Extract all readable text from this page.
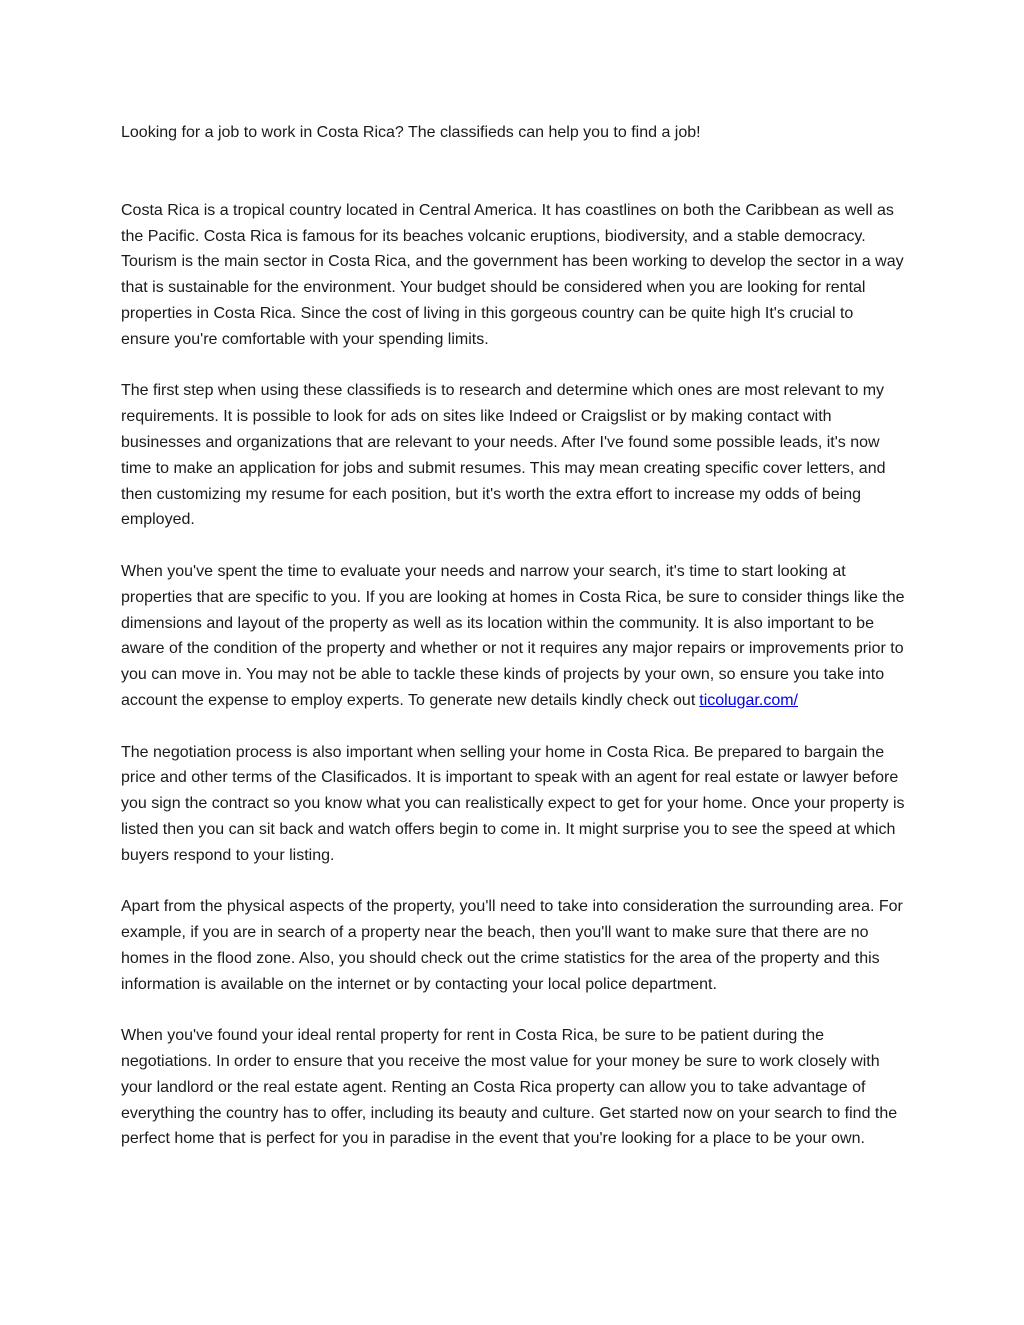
Looking for a job to work in Costa Rica? The classifieds can help you to find a job!

Costa Rica is a tropical country located in Central America. It has coastlines on both the Caribbean as well as the Pacific. Costa Rica is famous for its beaches volcanic eruptions, biodiversity, and a stable democracy. Tourism is the main sector in Costa Rica, and the government has been working to develop the sector in a way that is sustainable for the environment. Your budget should be considered when you are looking for rental properties in Costa Rica. Since the cost of living in this gorgeous country can be quite high It's crucial to ensure you're comfortable with your spending limits.

The first step when using these classifieds is to research and determine which ones are most relevant to my requirements. It is possible to look for ads on sites like Indeed or Craigslist or by making contact with businesses and organizations that are relevant to your needs. After I've found some possible leads, it's now time to make an application for jobs and submit resumes. This may mean creating specific cover letters, and then customizing my resume for each position, but it's worth the extra effort to increase my odds of being employed.

When you've spent the time to evaluate your needs and narrow your search, it's time to start looking at properties that are specific to you. If you are looking at homes in Costa Rica, be sure to consider things like the dimensions and layout of the property as well as its location within the community. It is also important to be aware of the condition of the property and whether or not it requires any major repairs or improvements prior to you can move in. You may not be able to tackle these kinds of projects by your own, so ensure you take into account the expense to employ experts. To generate new details kindly check out ticolugar.com/

The negotiation process is also important when selling your home in Costa Rica. Be prepared to bargain the price and other terms of the Clasificados. It is important to speak with an agent for real estate or lawyer before you sign the contract so you know what you can realistically expect to get for your home. Once your property is listed then you can sit back and watch offers begin to come in. It might surprise you to see the speed at which buyers respond to your listing.

Apart from the physical aspects of the property, you'll need to take into consideration the surrounding area. For example, if you are in search of a property near the beach, then you'll want to make sure that there are no homes in the flood zone. Also, you should check out the crime statistics for the area of the property and this information is available on the internet or by contacting your local police department.

When you've found your ideal rental property for rent in Costa Rica, be sure to be patient during the negotiations. In order to ensure that you receive the most value for your money be sure to work closely with your landlord or the real estate agent. Renting an Costa Rica property can allow you to take advantage of everything the country has to offer, including its beauty and culture. Get started now on your search to find the perfect home that is perfect for you in paradise in the event that you're looking for a place to be your own.
